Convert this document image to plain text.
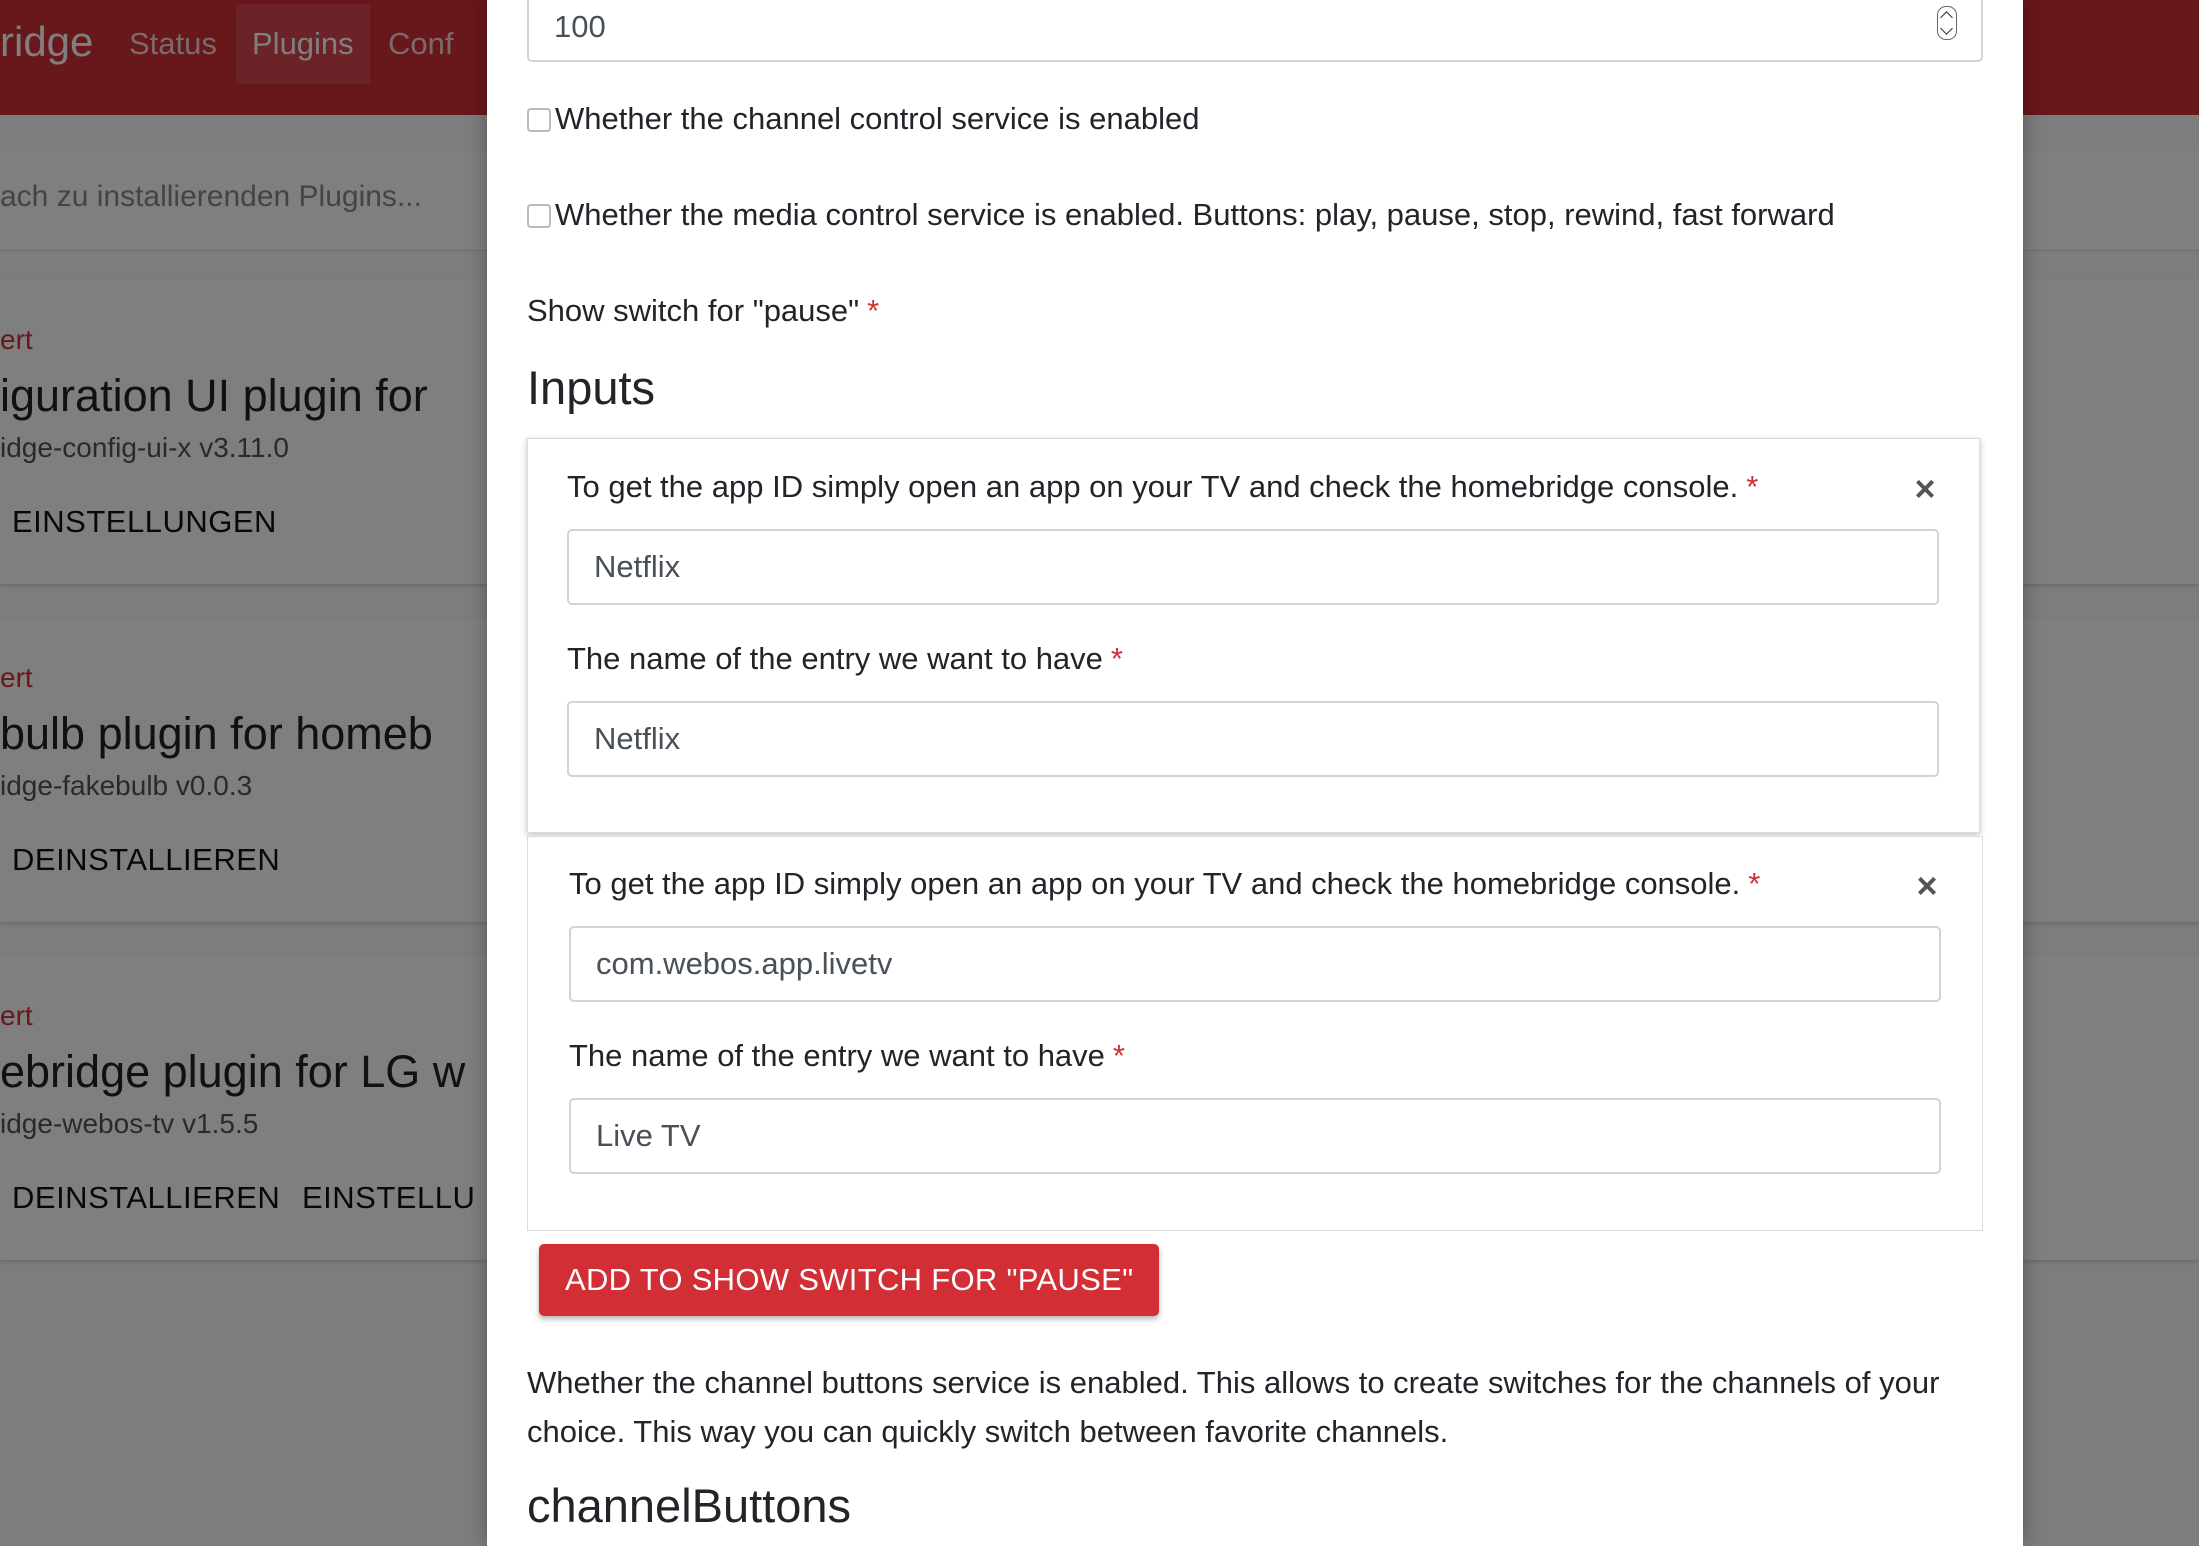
100
Whether the channel control service is enabled
Whether the media control service is enabled. Buttons: play, pause, stop, rewind, fast forward
Show switch for "pause" *
Inputs
To get the app ID simply open an app on your TV and check the homebridge console. *	×
Netflix
The name of the entry we want to have *
Netflix
To get the app ID simply open an app on your TV and check the homebridge console. *	×
com.webos.app.livetv
The name of the entry we want to have *
Live TV
ADD TO SHOW SWITCH FOR "PAUSE"
Whether the channel buttons service is enabled. This allows to create switches for the channels of your choice. This way you can quickly switch between favorite channels.
channelButtons
